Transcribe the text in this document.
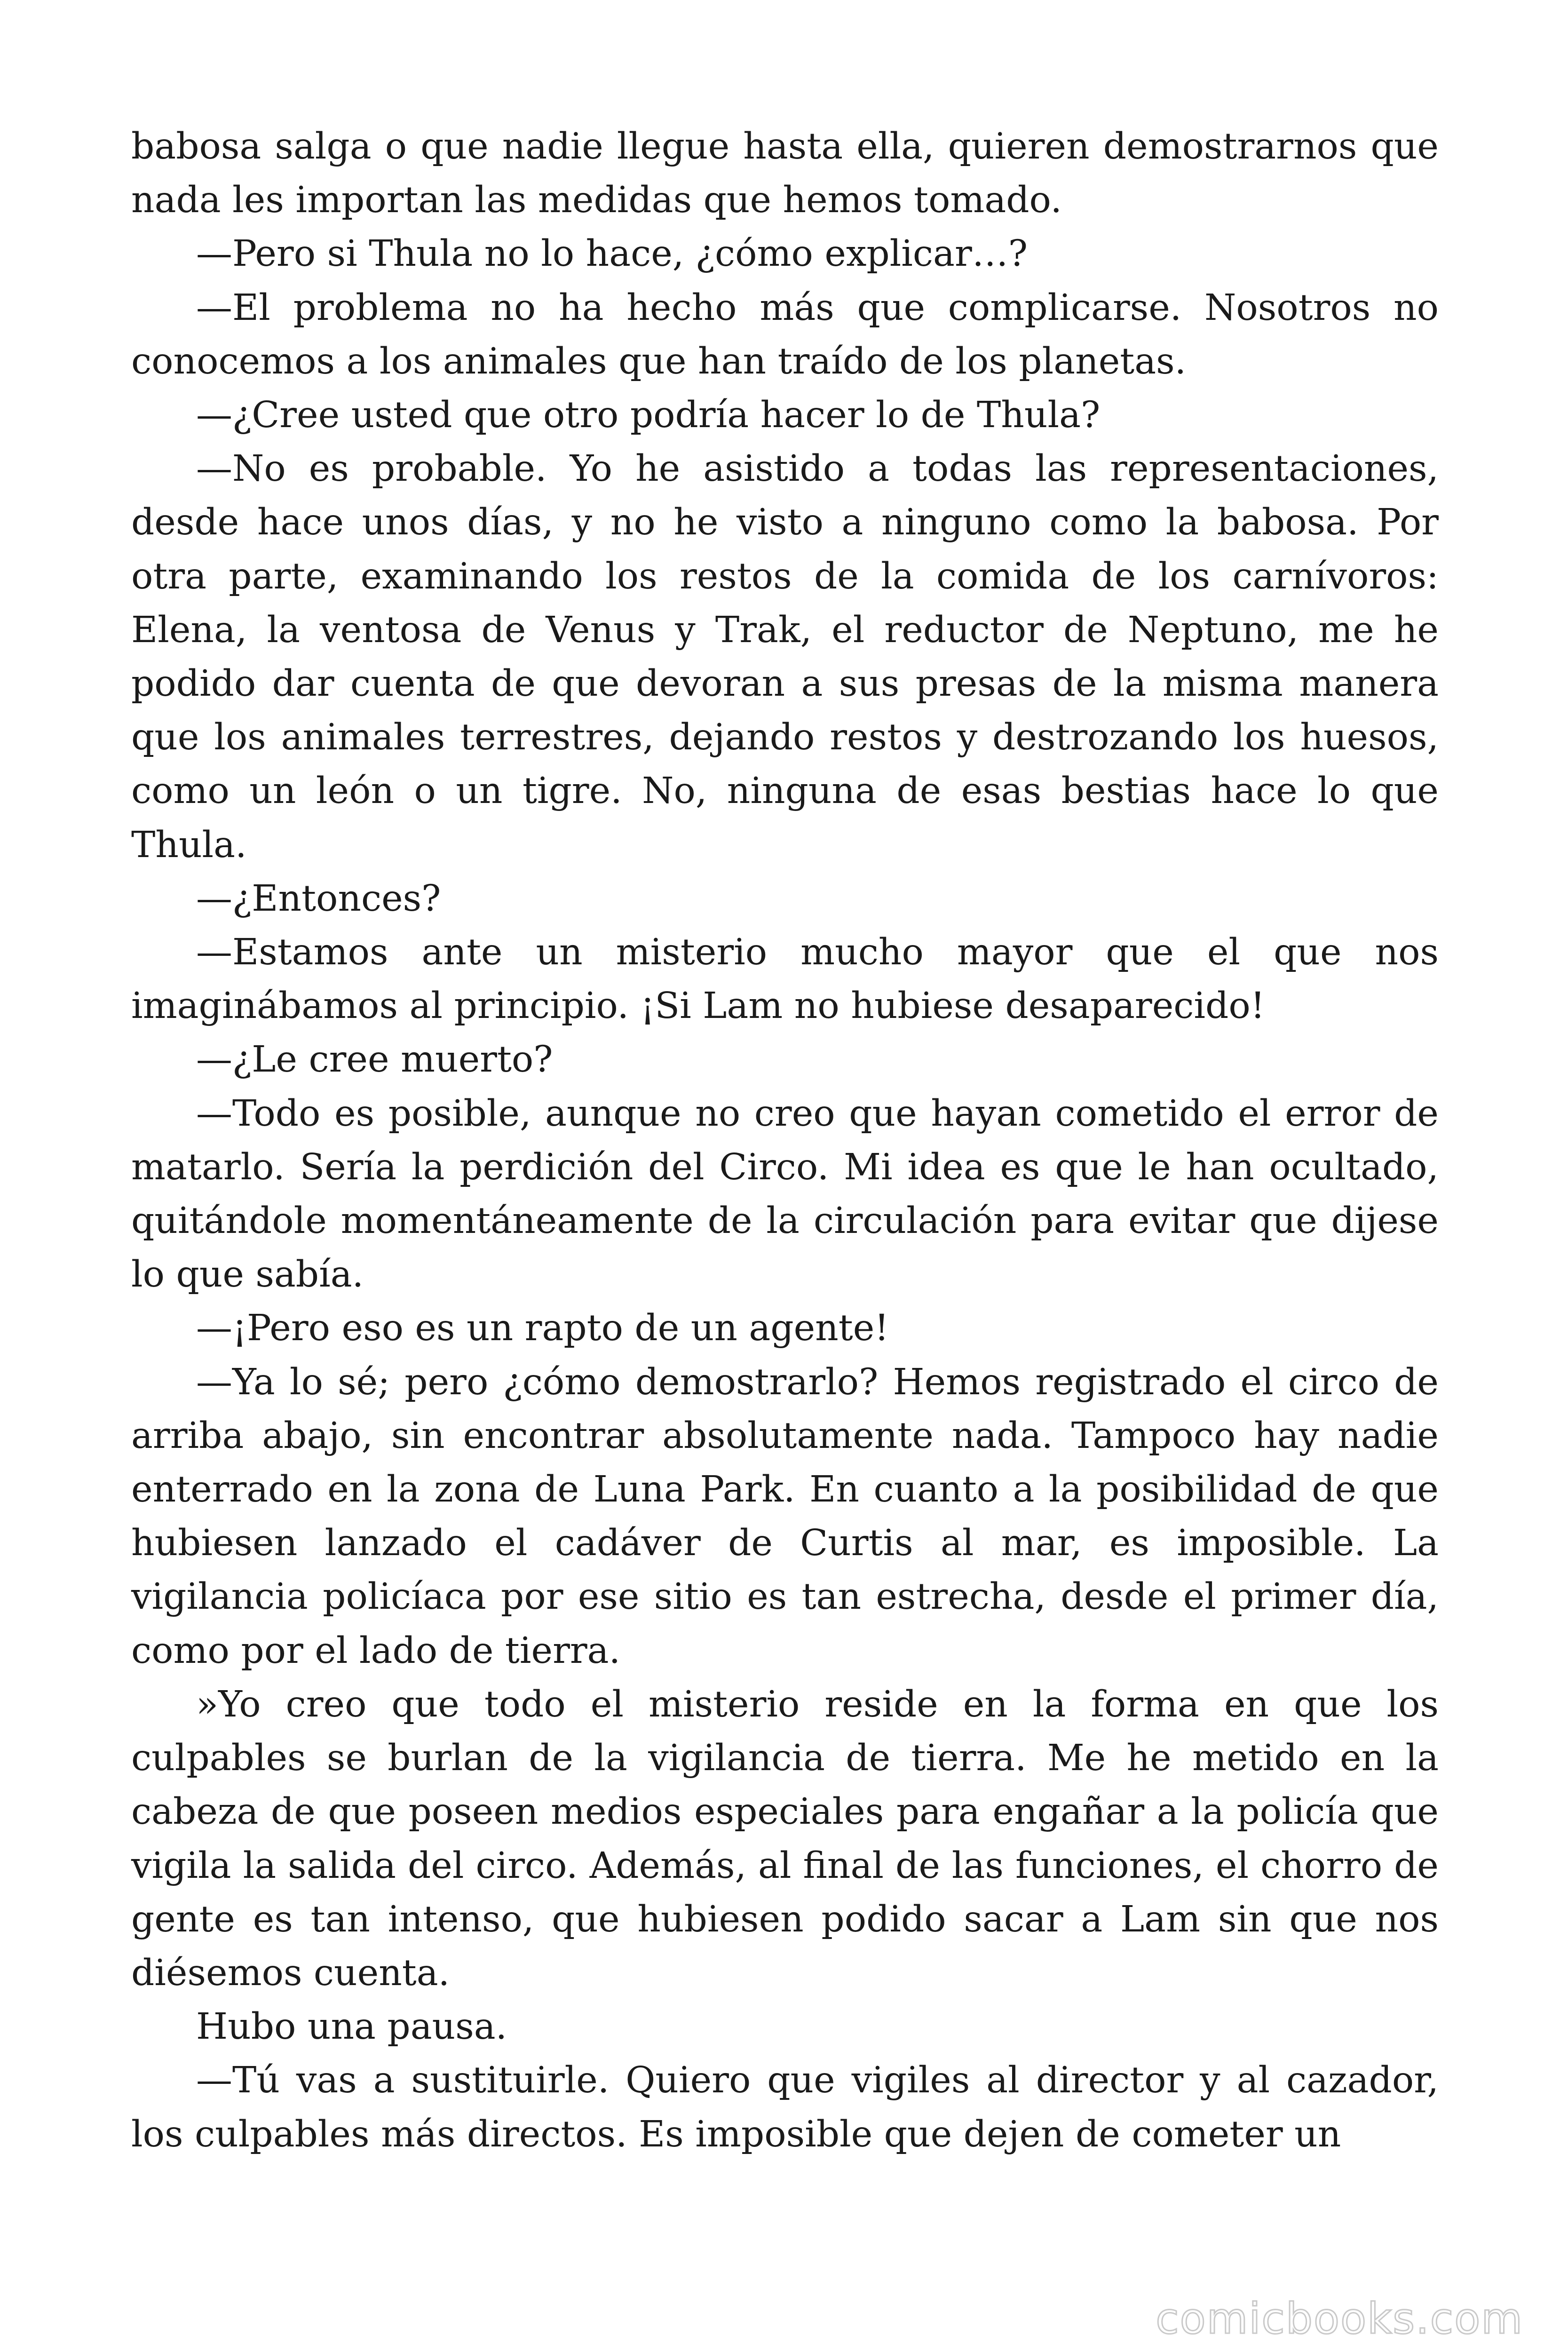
babosa salga o que nadie llegue hasta ella, quieren demostrarnos que nada les importan las medidas que hemos tomado.

—Pero si Thula no lo hace, ¿cómo explicar…?

—El problema no ha hecho más que complicarse. Nosotros no conocemos a los animales que han traído de los planetas.

—¿Cree usted que otro podría hacer lo de Thula?

—No es probable. Yo he asistido a todas las representaciones, desde hace unos días, y no he visto a ninguno como la babosa. Por otra parte, examinando los restos de la comida de los carnívoros: Elena, la ventosa de Venus y Trak, el reductor de Neptuno, me he podido dar cuenta de que devoran a sus presas de la misma manera que los animales terrestres, dejando restos y destrozando los huesos, como un león o un tigre. No, ninguna de esas bestias hace lo que Thula.

—¿Entonces?

—Estamos ante un misterio mucho mayor que el que nos imaginábamos al principio. ¡Si Lam no hubiese desaparecido!

—¿Le cree muerto?

—Todo es posible, aunque no creo que hayan cometido el error de matarlo. Sería la perdición del Circo. Mi idea es que le han ocultado, quitándole momentáneamente de la circulación para evitar que dijese lo que sabía.

—¡Pero eso es un rapto de un agente!

—Ya lo sé; pero ¿cómo demostrarlo? Hemos registrado el circo de arriba abajo, sin encontrar absolutamente nada. Tampoco hay nadie enterrado en la zona de Luna Park. En cuanto a la posibilidad de que hubiesen lanzado el cadáver de Curtis al mar, es imposible. La vigilancia policíaca por ese sitio es tan estrecha, desde el primer día, como por el lado de tierra.

»Yo creo que todo el misterio reside en la forma en que los culpables se burlan de la vigilancia de tierra. Me he metido en la cabeza de que poseen medios especiales para engañar a la policía que vigila la salida del circo. Además, al final de las funciones, el chorro de gente es tan intenso, que hubiesen podido sacar a Lam sin que nos diésemos cuenta.

Hubo una pausa.

—Tú vas a sustituirle. Quiero que vigiles al director y al cazador, los culpables más directos. Es imposible que dejen de cometer un

comicbooks.com
